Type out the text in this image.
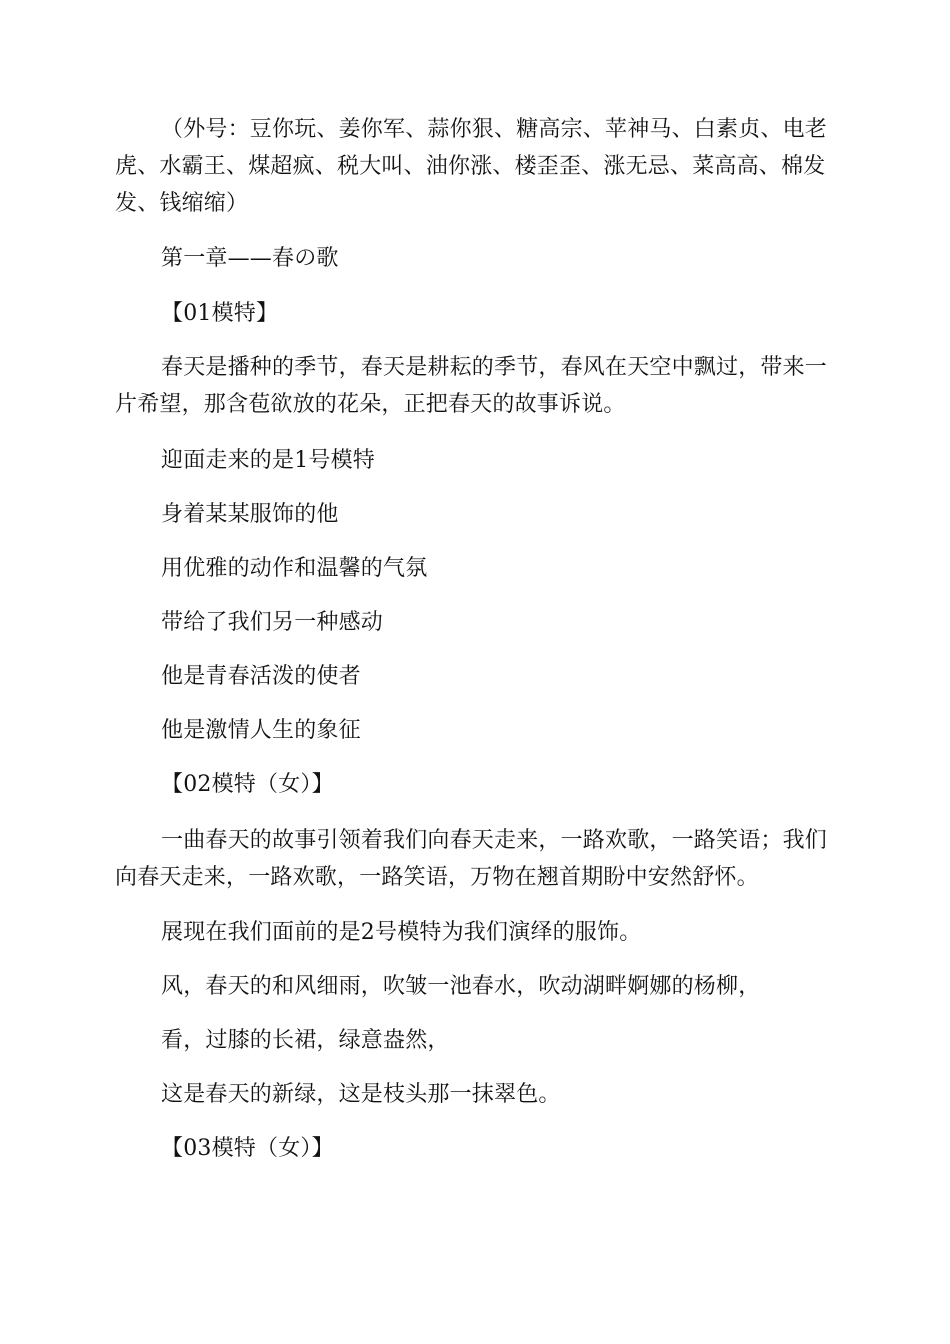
（外号：豆你玩、姜你军、蒜你狠、糖高宗、苹神马、白素贞、电老虎、水霸王、煤超疯、税大叫、油你涨、楼歪歪、涨无忌、菜高高、棉发发、钱缩缩）

第一章——春の歌

【01模特】

春天是播种的季节，春天是耕耘的季节，春风在天空中飘过，带来一片希望，那含苞欲放的花朵，正把春天的故事诉说。

迎面走来的是1号模特

身着某某服饰的他

用优雅的动作和温馨的气氛

带给了我们另一种感动

他是青春活泼的使者

他是激情人生的象征

【02模特（女）】

一曲春天的故事引领着我们向春天走来，一路欢歌，一路笑语；我们向春天走来，一路欢歌，一路笑语，万物在翘首期盼中安然舒怀。

展现在我们面前的是2号模特为我们演绎的服饰。

风，春天的和风细雨，吹皱一池春水，吹动湖畔婀娜的杨柳，

看，过膝的长裙，绿意盎然，

这是春天的新绿，这是枝头那一抹翠色。

【03模特（女）】
